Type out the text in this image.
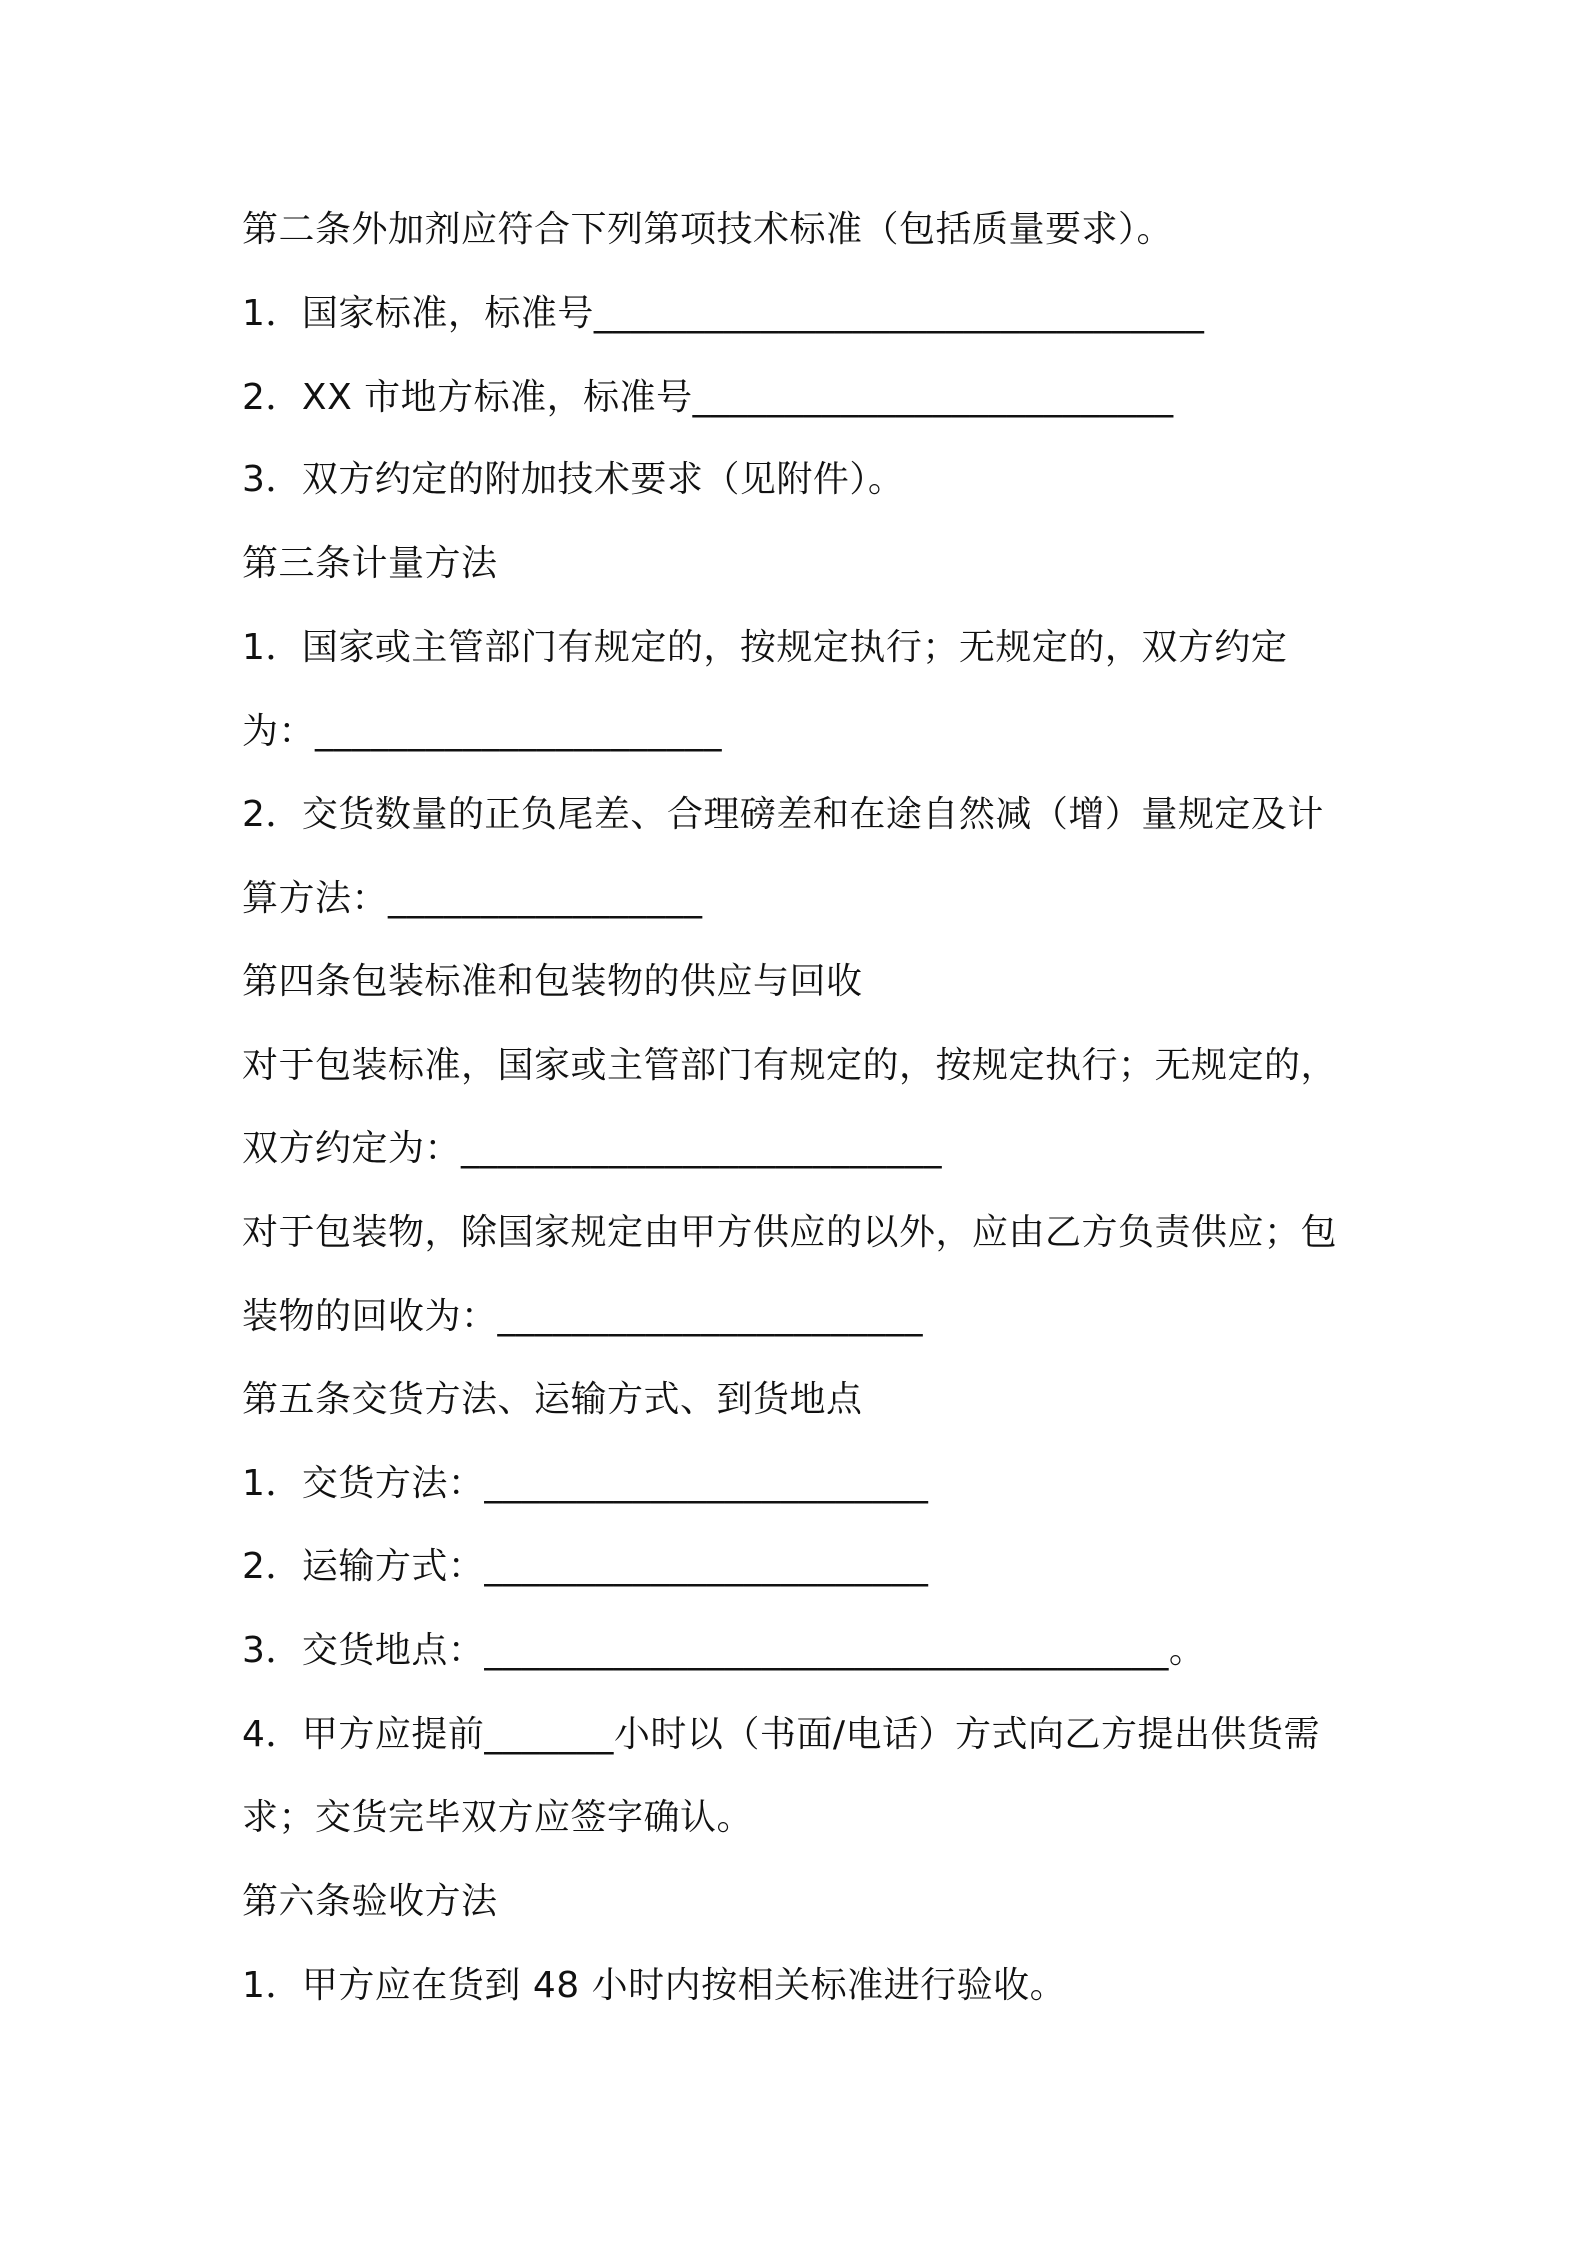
第二条外加剂应符合下列第项技术标准（包括质量要求）。
1．国家标准，标准号_________________________________
2．XX 市地方标准，标准号__________________________
3．双方约定的附加技术要求（见附件）。
第三条计量方法
1．国家或主管部门有规定的，按规定执行；无规定的，双方约定
为：______________________
2．交货数量的正负尾差、合理磅差和在途自然减（增）量规定及计
算方法：_________________
第四条包装标准和包装物的供应与回收
对于包装标准，国家或主管部门有规定的，按规定执行；无规定的，
双方约定为：__________________________
对于包装物，除国家规定由甲方供应的以外，应由乙方负责供应；包
装物的回收为：_______________________
第五条交货方法、运输方式、到货地点
1．交货方法：________________________
2．运输方式：________________________
3．交货地点：_____________________________________。
4．甲方应提前_______小时以（书面/电话）方式向乙方提出供货需
求；交货完毕双方应签字确认。
第六条验收方法
1．甲方应在货到 48 小时内按相关标准进行验收。
